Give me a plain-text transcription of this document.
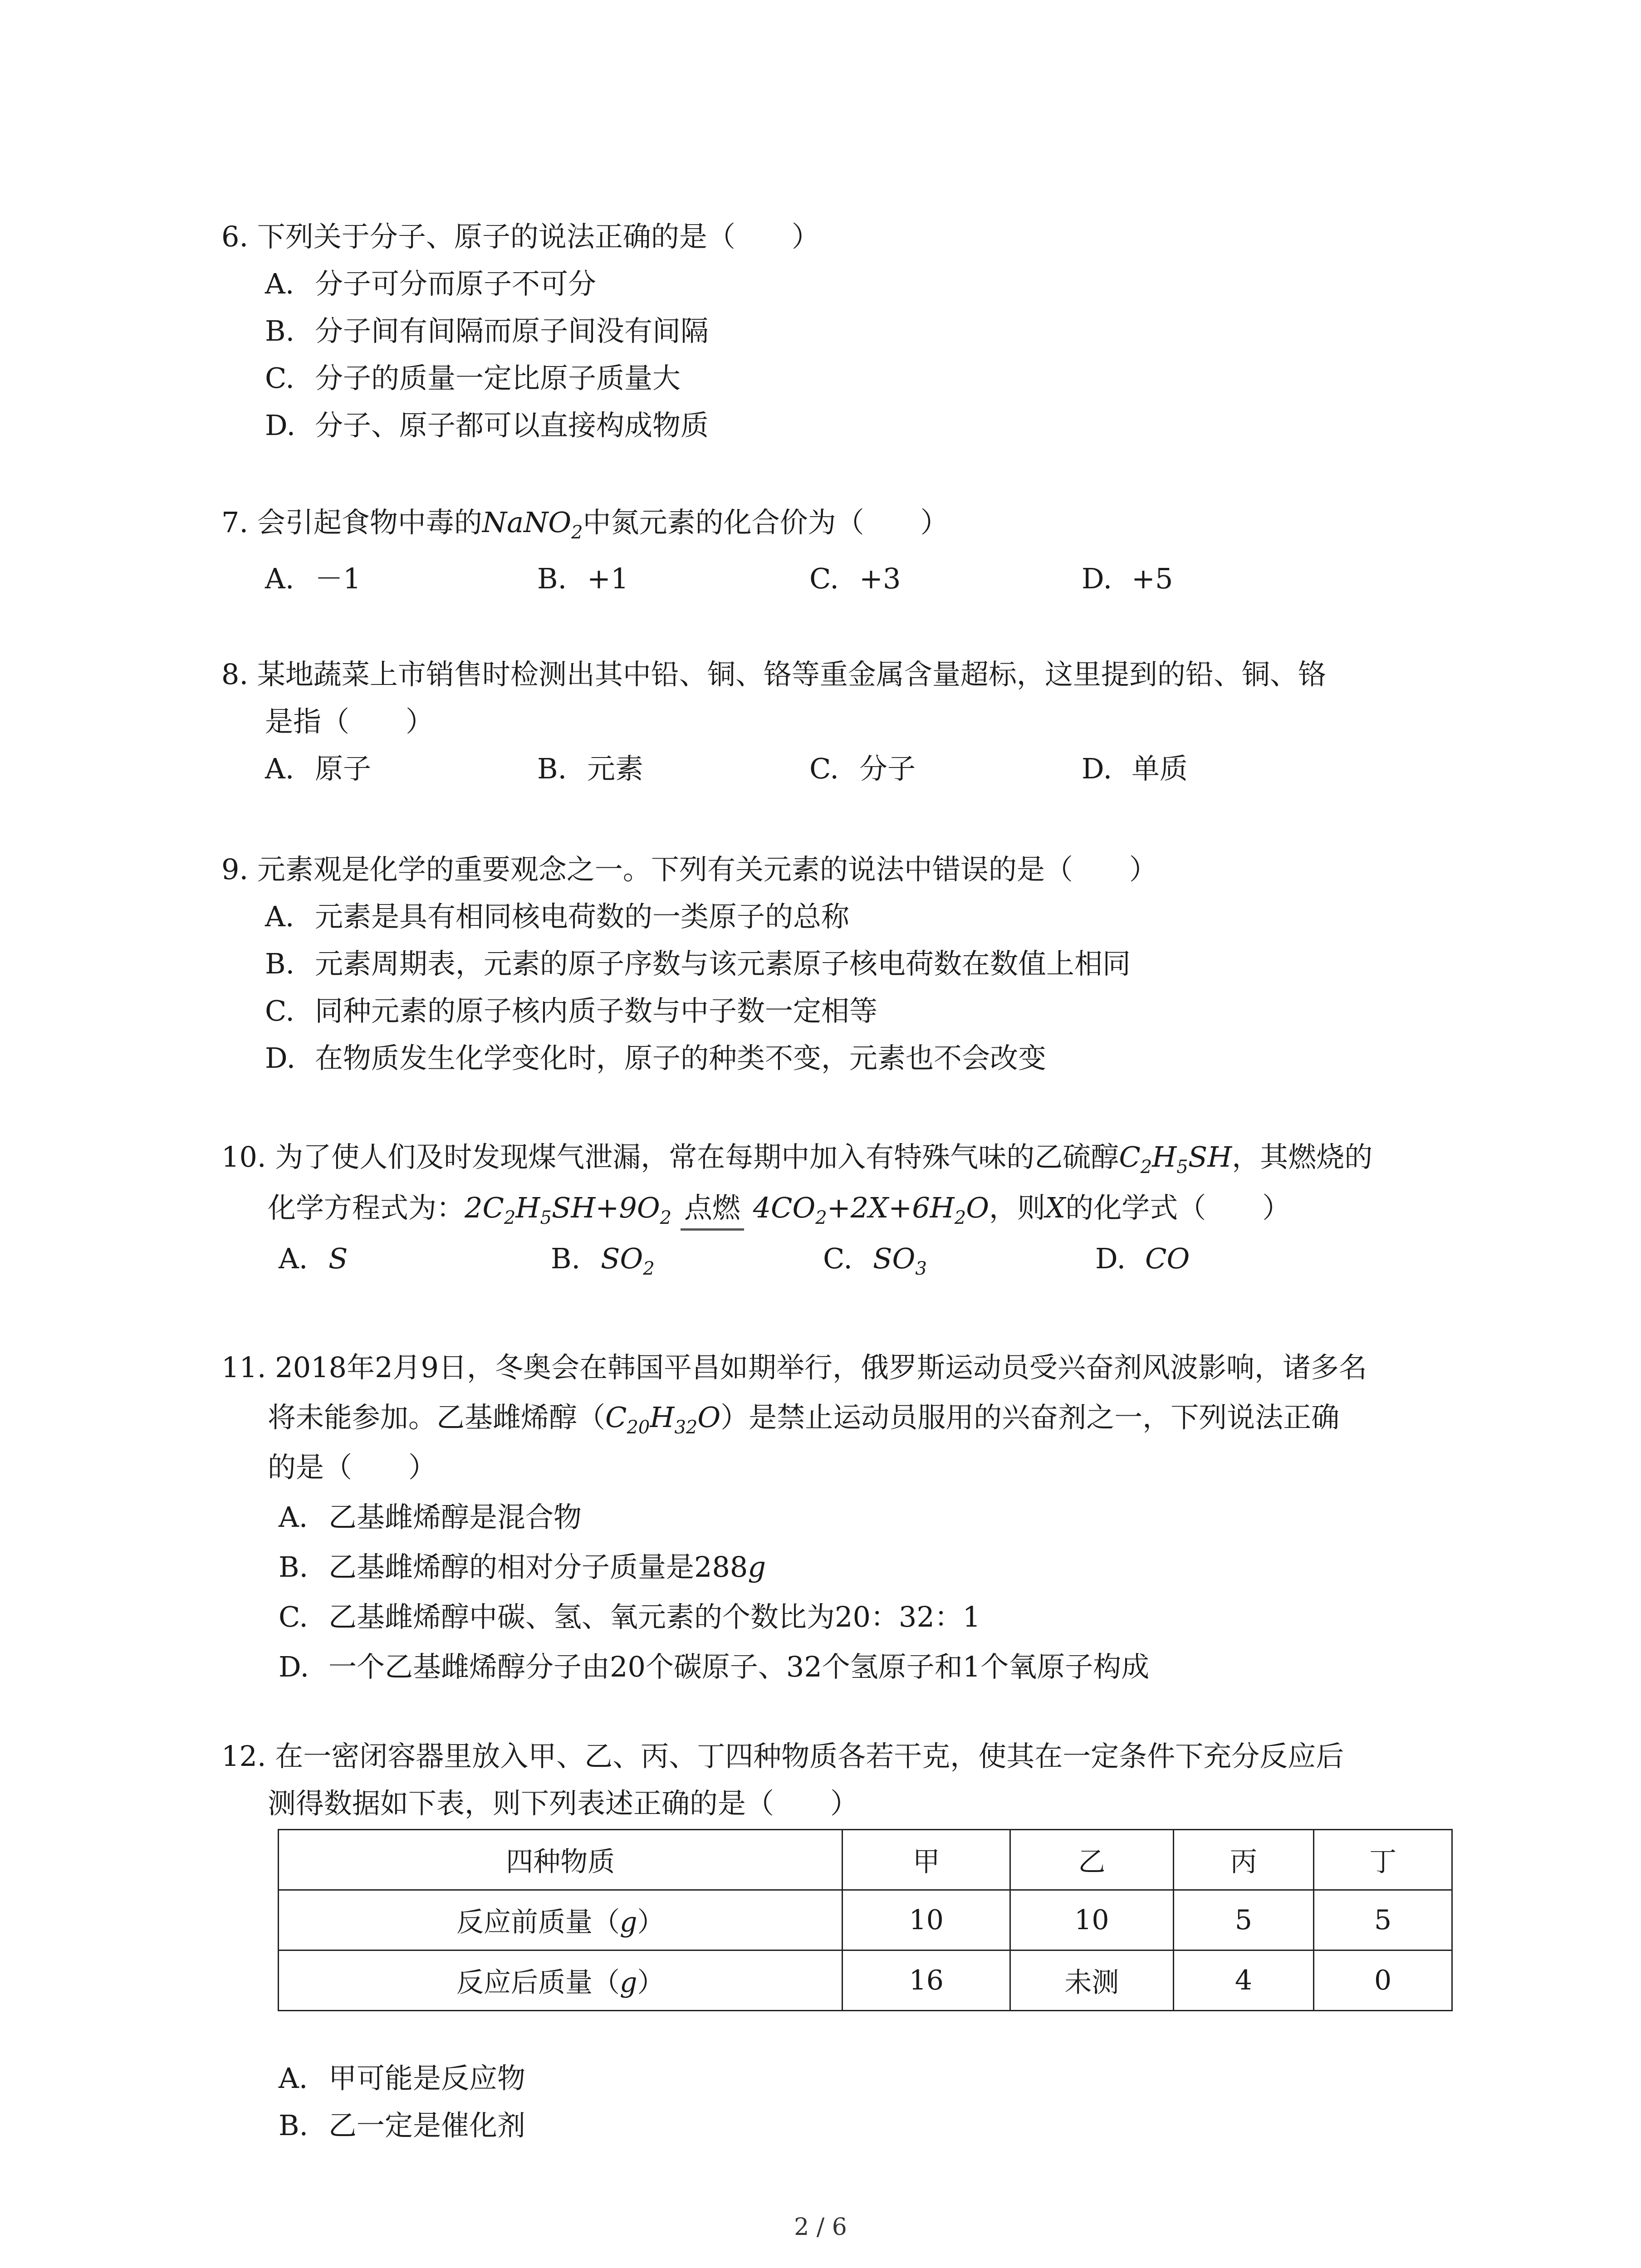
6. 下列关于分子、原子的说法正确的是（　　）
A. 分子可分而原子不可分
B. 分子间有间隔而原子间没有间隔
C. 分子的质量一定比原子质量大
D. 分子、原子都可以直接构成物质
7. 会引起食物中毒的NaNO$_2$中氮元素的化合价为（　　）
A. －1	B. +1	C. +3	D. +5
8. 某地蔬菜上市销售时检测出其中铅、铜、铬等重金属含量超标，这里提到的铅、铜、铬
是指（　　）
A. 原子	B. 元素	C. 分子	D. 单质
9. 元素观是化学的重要观念之一。下列有关元素的说法中错误的是（　　）
A. 元素是具有相同核电荷数的一类原子的总称
B. 元素周期表，元素的原子序数与该元素原子核电荷数在数值上相同
C. 同种元素的原子核内质子数与中子数一定相等
D. 在物质发生化学变化时，原子的种类不变，元素也不会改变
10. 为了使人们及时发现煤气泄漏，常在每期中加入有特殊气味的乙硫醇$C_2H_5SH$，其燃烧的
化学方程式为：$2C_2H_5SH+9O_2$ 点燃 $4CO_2+2X+6H_2O$，则X的化学式（　　）
A. S	B. $SO_2$	C. $SO_3$	D. CO
11. 2018年2月9日，冬奥会在韩国平昌如期举行，俄罗斯运动员受兴奋剂风波影响，诸多名
将未能参加。乙基雌烯醇$(C_{20}H_{32}O)$是禁止运动员服用的兴奋剂之一，下列说法正确
的是（　　）
A. 乙基雌烯醇是混合物
B. 乙基雌烯醇的相对分子质量是288g
C. 乙基雌烯醇中碳、氢、氧元素的个数比为20：32：1
D. 一个乙基雌烯醇分子由20个碳原子、32个氢原子和1个氧原子构成
12. 在一密闭容器里放入甲、乙、丙、丁四种物质各若干克，使其在一定条件下充分反应后
测得数据如下表，则下列表述正确的是（　　）
四种物质	甲	乙	丙	丁
反应前质量（g）	10	10	5	5
反应后质量（g）	16	未测	4	0
A. 甲可能是反应物
B. 乙一定是催化剂
2 / 6
